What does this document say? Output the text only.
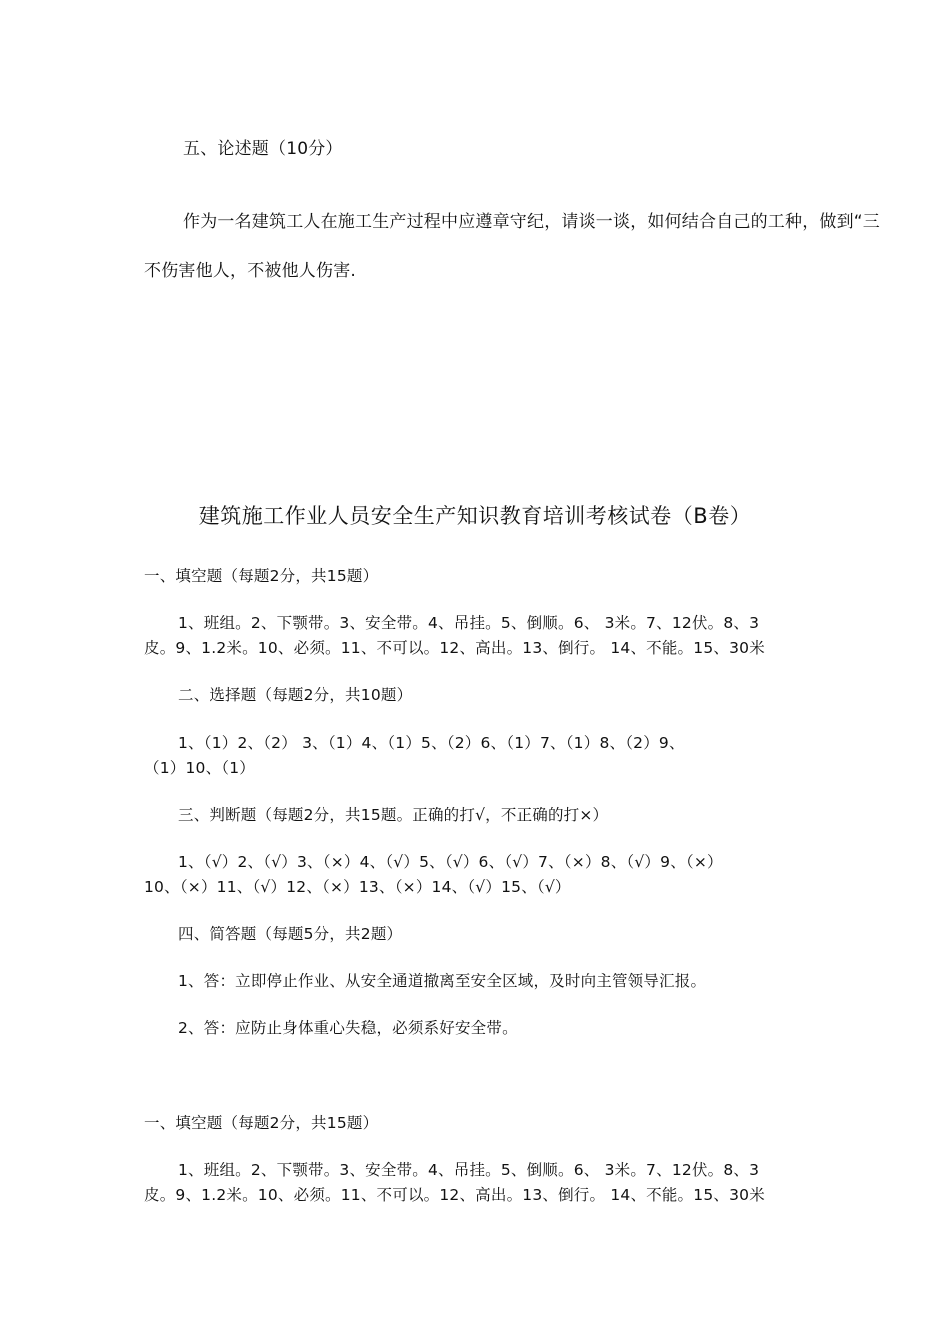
五、论述题（10分）
作为一名建筑工人在施工生产过程中应遵章守纪，请谈一谈，如何结合自己的工种，做到“三
不伤害他人，不被他人伤害.
建筑施工作业人员安全生产知识教育培训考核试卷（B卷）
一、填空题（每题2分，共15题）
1、班组。2、下颚带。3、安全带。4、吊挂。5、倒顺。6、 3米。7、12伏。8、3
皮。9、1.2米。10、必须。11、不可以。12、高出。13、倒行。 14、不能。15、30米
二、选择题（每题2分，共10题）
1、（1）2、（2） 3、（1）4、（1）5、（2）6、（1）7、（1）8、（2）9、
（1）10、（1）
三、判断题（每题2分，共15题。正确的打√，不正确的打×）
1、（√）2、（√）3、（×）4、（√）5、（√）6、（√）7、（×）8、（√）9、（×）
10、（×）11、（√）12、（×）13、（×）14、（√）15、（√）
四、简答题（每题5分，共2题）
1、答：立即停止作业、从安全通道撤离至安全区域，及时向主管领导汇报。
2、答：应防止身体重心失稳，必须系好安全带。
一、填空题（每题2分，共15题）
1、班组。2、下颚带。3、安全带。4、吊挂。5、倒顺。6、 3米。7、12伏。8、3
皮。9、1.2米。10、必须。11、不可以。12、高出。13、倒行。 14、不能。15、30米
